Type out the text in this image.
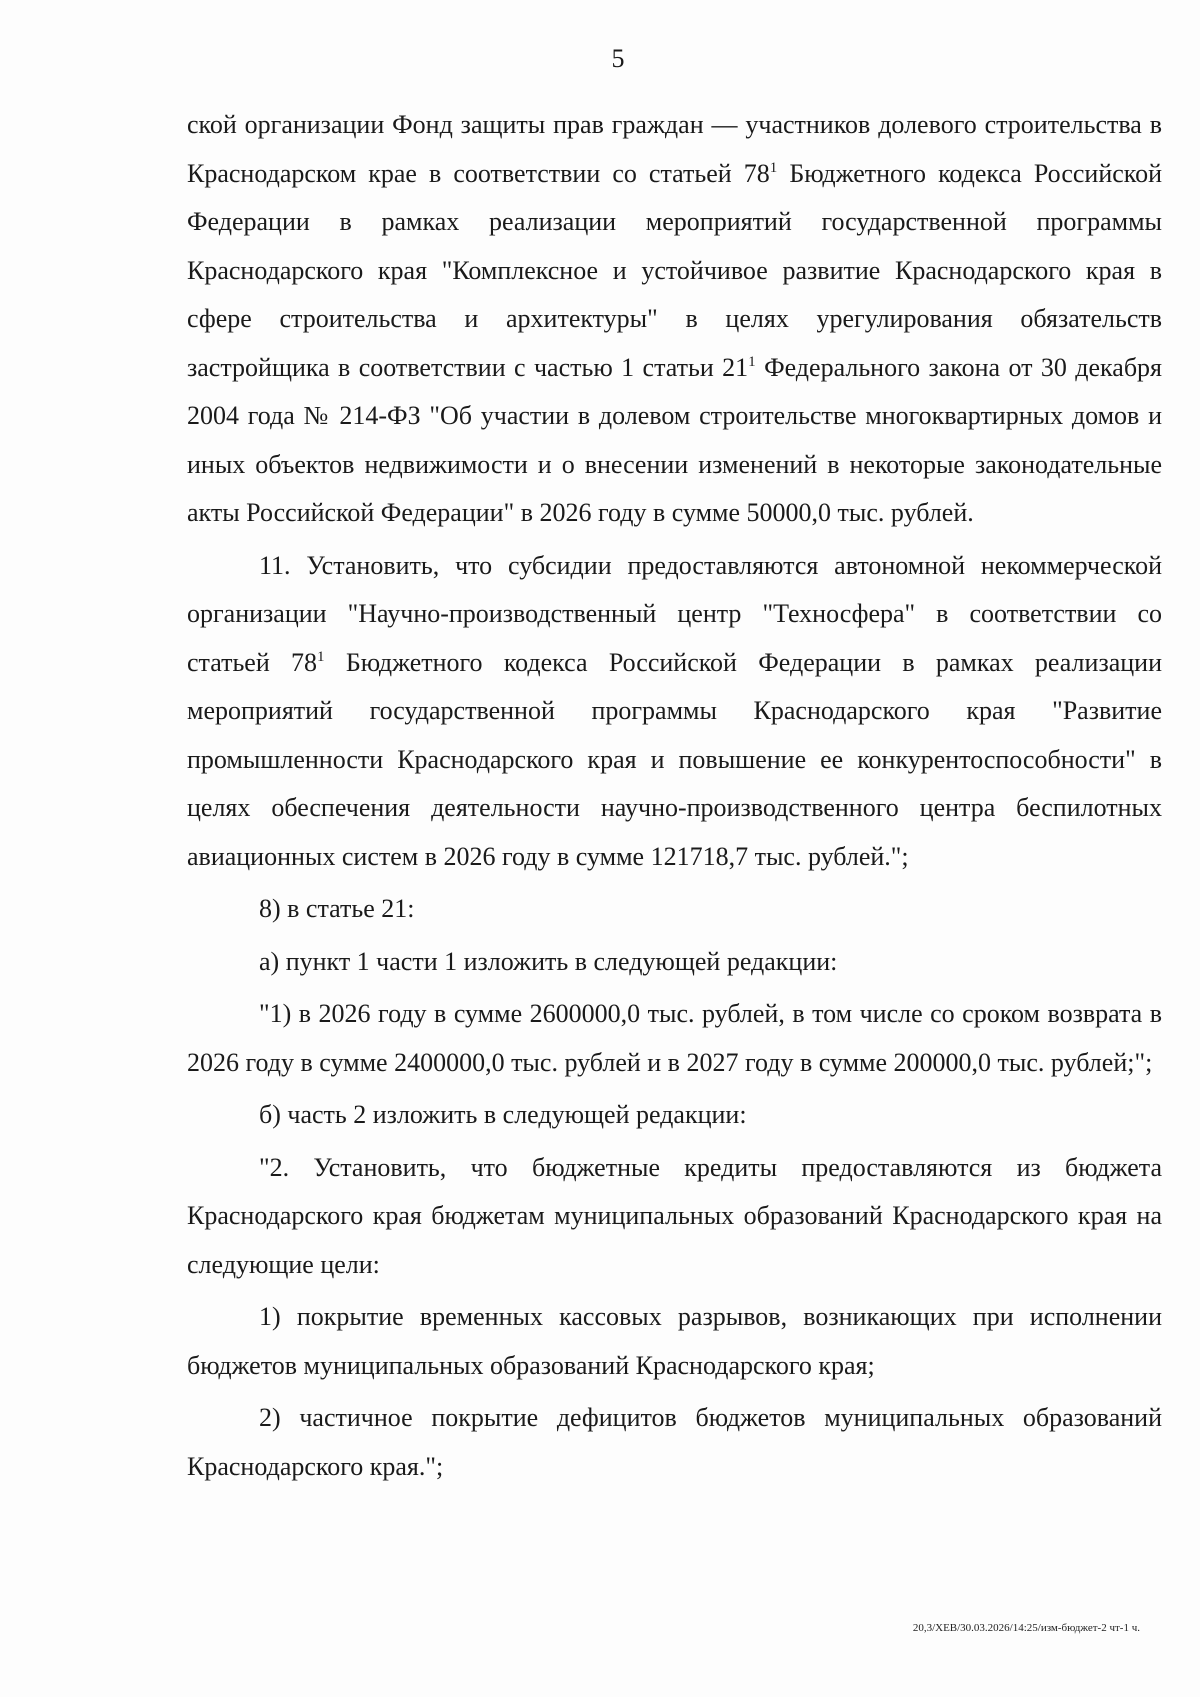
5

ской организации Фонд защиты прав граждан — участников долевого строительства в Краснодарском крае в соответствии со статьей $78^1$ Бюджетного кодекса Российской Федерации в рамках реализации мероприятий государственной программы Краснодарского края "Комплексное и устойчивое развитие Краснодарского края в сфере строительства и архитектуры" в целях урегулирования обязательств застройщика в соответствии с частью 1 статьи $21^1$ Федерального закона от 30 декабря 2004 года № 214-ФЗ "Об участии в долевом строительстве многоквартирных домов и иных объектов недвижимости и о внесении изменений в некоторые законодательные акты Российской Федерации" в 2026 году в сумме 50000,0 тыс. рублей.

11. Установить, что субсидии предоставляются автономной некоммерческой организации "Научно-производственный центр "Техносфера" в соответствии со статьей $78^1$ Бюджетного кодекса Российской Федерации в рамках реализации мероприятий государственной программы Краснодарского края "Развитие промышленности Краснодарского края и повышение ее конкурентоспособности" в целях обеспечения деятельности научно-производственного центра беспилотных авиационных систем в 2026 году в сумме 121718,7 тыс. рублей.";

8) в статье 21:

а) пункт 1 части 1 изложить в следующей редакции:

"1) в 2026 году в сумме 2600000,0 тыс. рублей, в том числе со сроком возврата в 2026 году в сумме 2400000,0 тыс. рублей и в 2027 году в сумме 200000,0 тыс. рублей;";

б) часть 2 изложить в следующей редакции:

"2. Установить, что бюджетные кредиты предоставляются из бюджета Краснодарского края бюджетам муниципальных образований Краснодарского края на следующие цели:

1) покрытие временных кассовых разрывов, возникающих при исполнении бюджетов муниципальных образований Краснодарского края;

2) частичное покрытие дефицитов бюджетов муниципальных образований Краснодарского края.";

20,3/ХЕВ/30.03.2026/14:25/изм-бюджет-2 чт-1 ч.
